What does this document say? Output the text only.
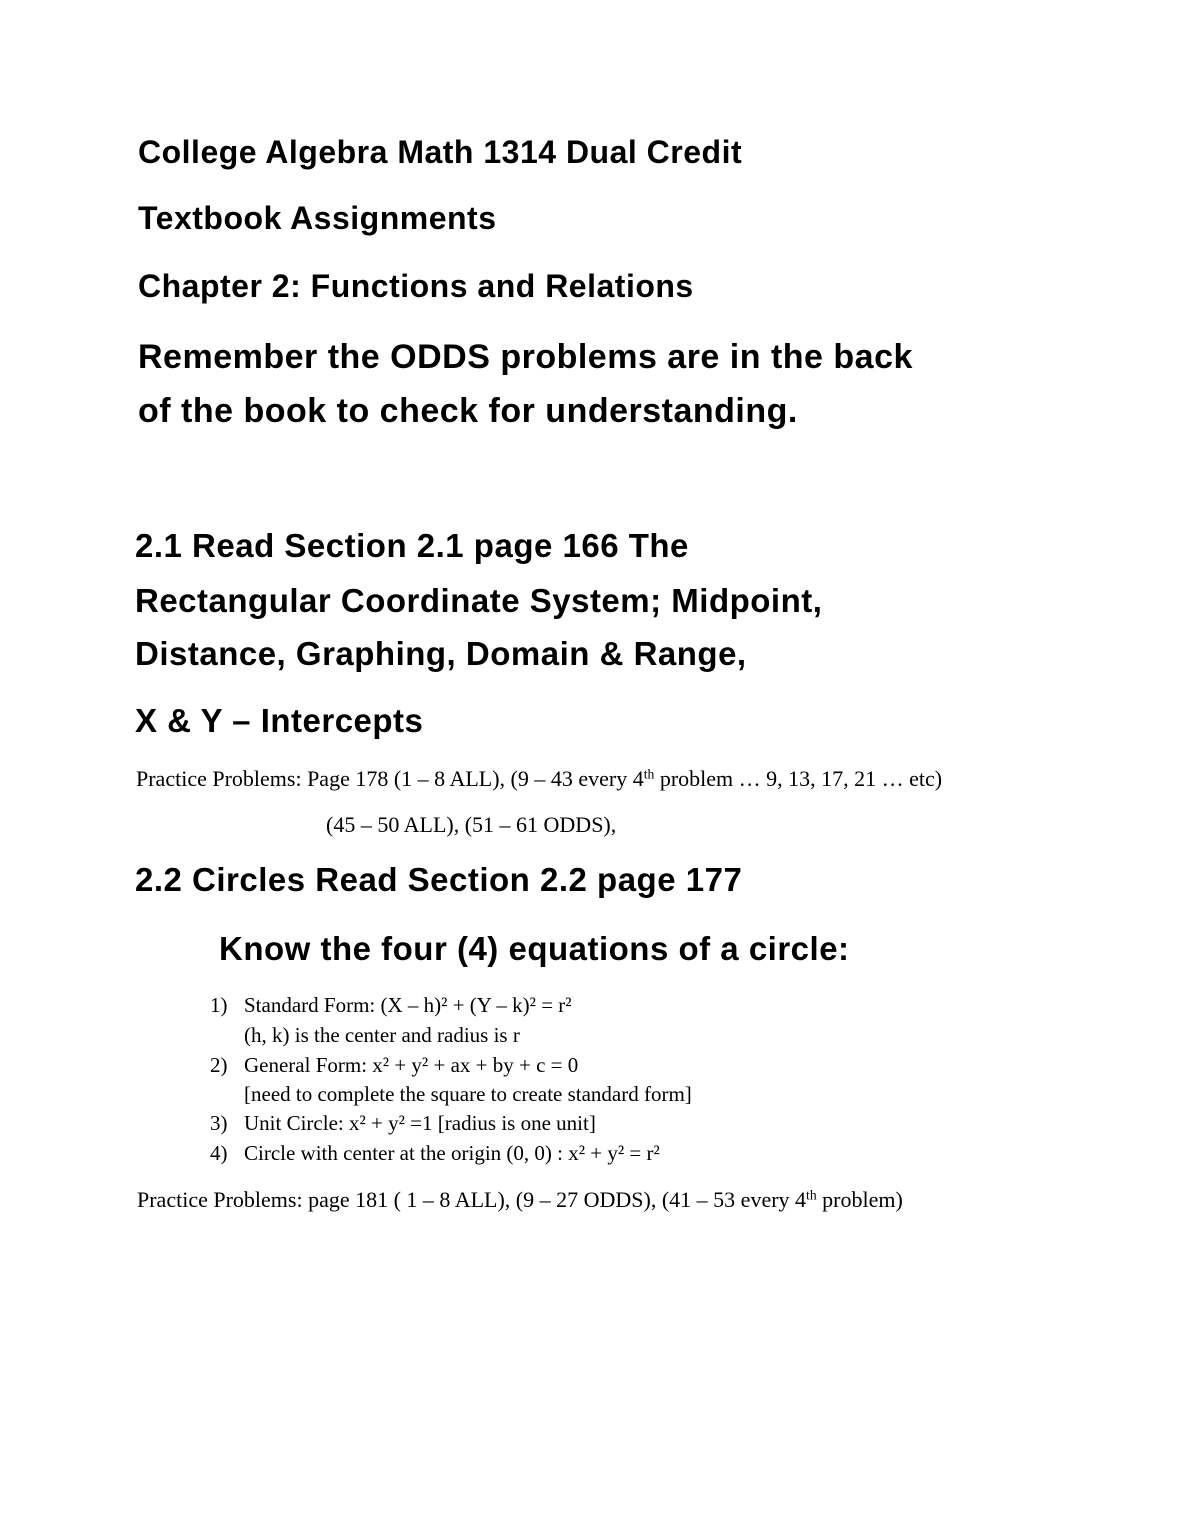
College Algebra Math 1314 Dual Credit
Textbook Assignments
Chapter 2: Functions and Relations
Remember the ODDS problems are in the back
of the book to check for understanding.
2.1 Read Section 2.1 page 166 The
Rectangular Coordinate System; Midpoint,
Distance, Graphing, Domain & Range,
X & Y – Intercepts
Practice Problems: Page 178 (1 – 8 ALL), (9 – 43 every 4th problem … 9, 13, 17, 21 … etc)
(45 – 50 ALL), (51 – 61 ODDS),
2.2 Circles Read Section 2.2 page 177
Know the four (4) equations of a circle:
1) Standard Form: (X – h)² + (Y – k)² = r²
(h, k) is the center and radius is r
2) General Form: x² + y² + ax + by + c = 0
[need to complete the square to create standard form]
3) Unit Circle: x² + y² =1 [radius is one unit]
4) Circle with center at the origin (0, 0) : x² + y² = r²
Practice Problems: page 181 ( 1 – 8 ALL), (9 – 27 ODDS), (41 – 53 every 4th problem)
